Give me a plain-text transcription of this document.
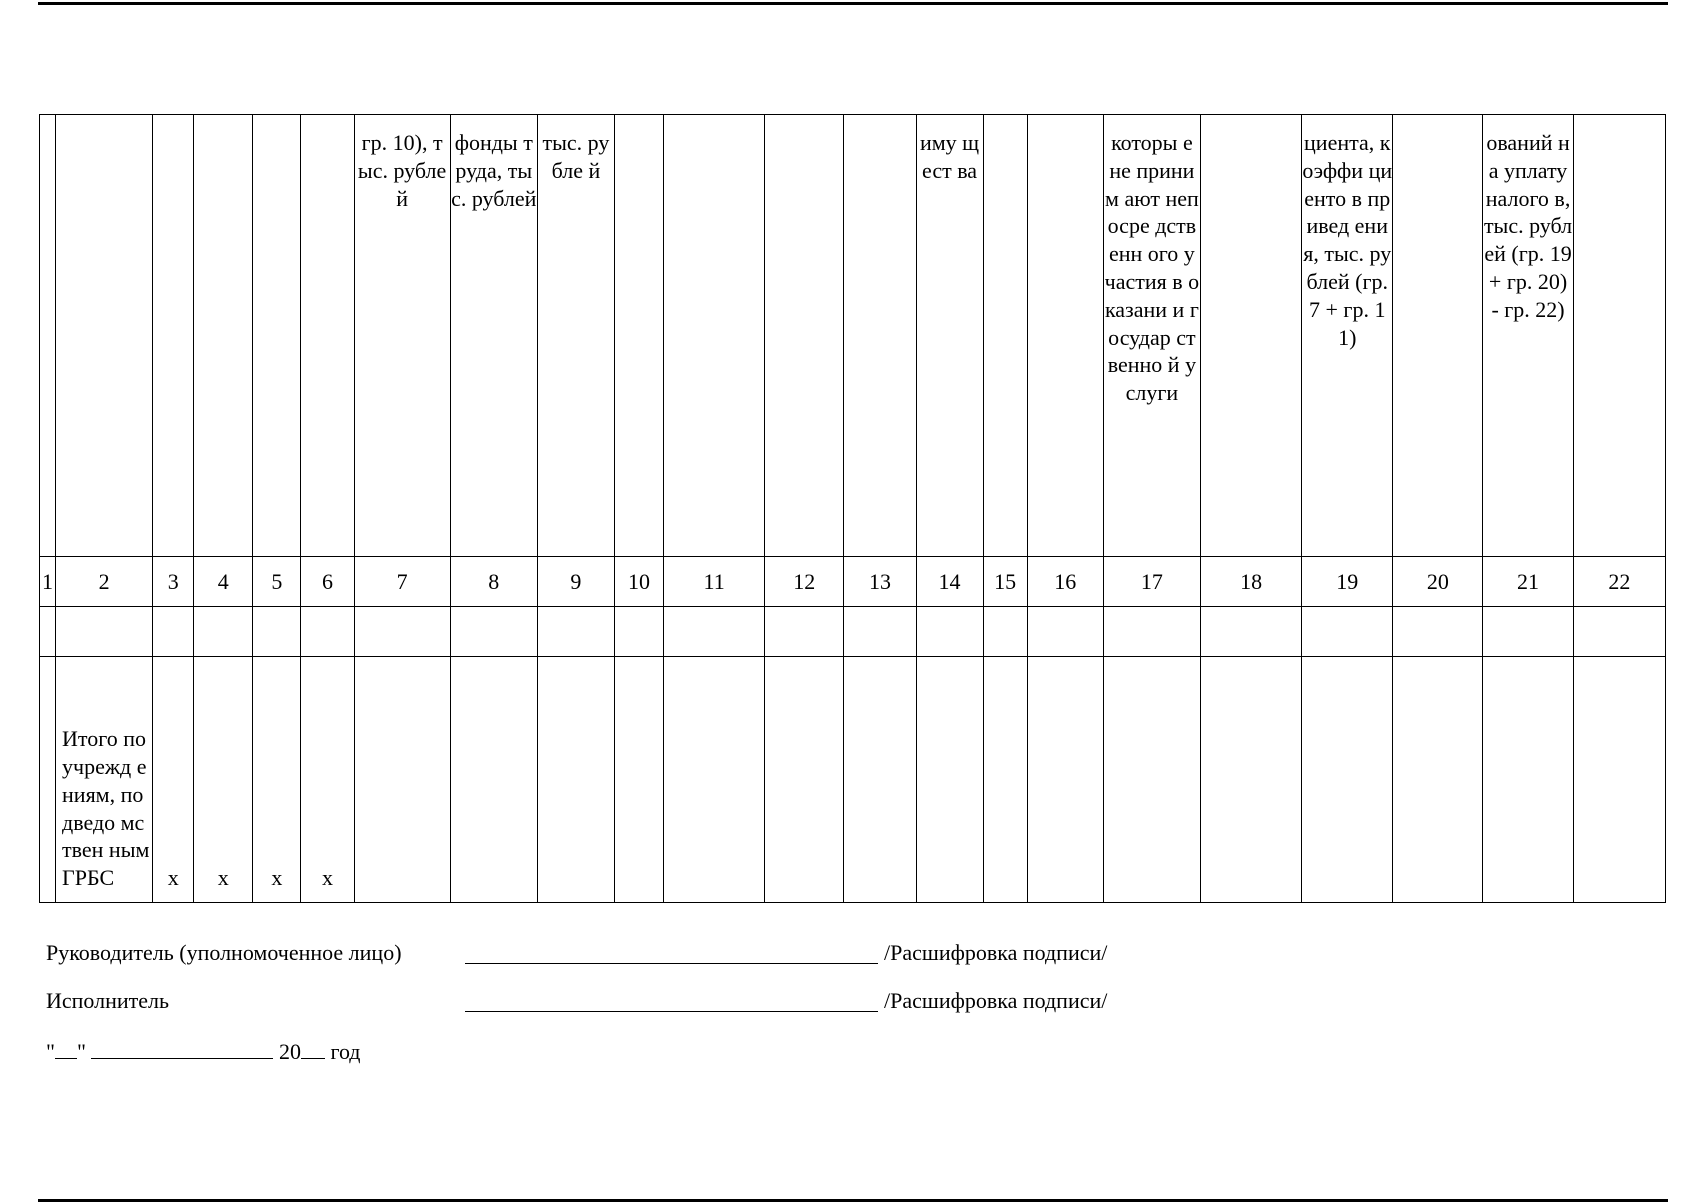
						гр. 10), тыс. рублей	фонды труда, тыс. рублей	тыс. рубле й					иму щест ва			которы е не приним ают непосре дственн ого участия в оказани и государ ственно й услуги		циента, коэффи циенто в привед ения, тыс. рублей (гр. 7 + гр. 11)		ований на уплату налого в, тыс. рублей (гр. 19 + гр. 20) - гр. 22)	
1	2	3	4	5	6	7	8	9	10	11	12	13	14	15	16	17	18	19	20	21	22

	Итого по учрежд ениям, подведо мствен ным ГРБС	х	х	х	х																
Руководитель (уполномоченное лицо)	/Расшифровка подписи/
Исполнитель	/Расшифровка подписи/
" "	20 год
